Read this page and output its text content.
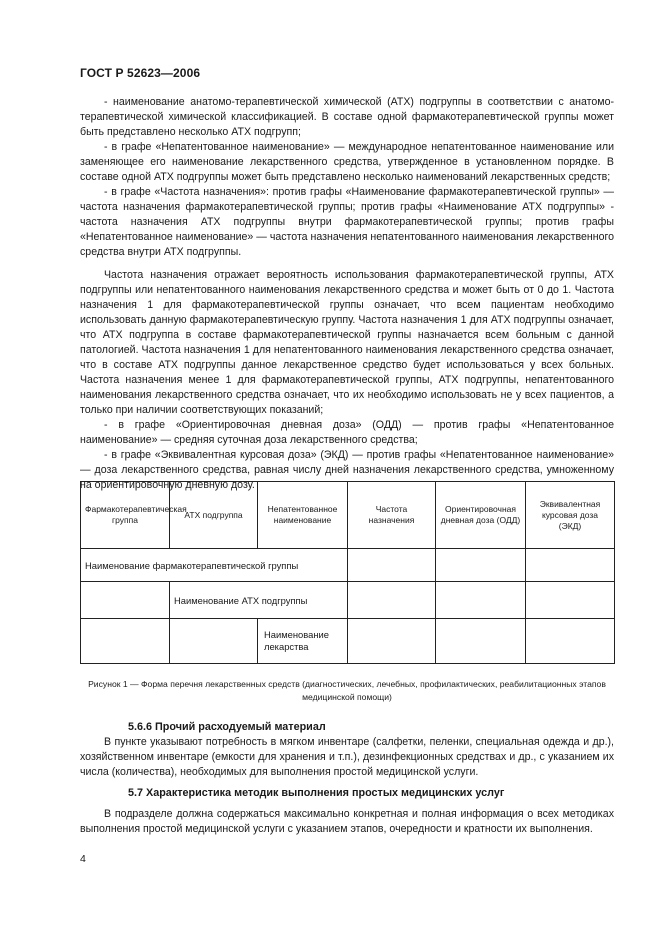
ГОСТ Р 52623—2006

- наименование анатомо-терапевтической химической (АТХ) подгруппы в соответствии с анатомо-терапевтической химической классификацией. В составе одной фармакотерапевтической группы может быть представлено несколько АТХ подгрупп;

- в графе «Непатентованное наименование» — международное непатентованное наименование или заменяющее его наименование лекарственного средства, утвержденное в установленном порядке. В составе одной АТХ подгруппы может быть представлено несколько наименований лекарственных средств;

- в графе «Частота назначения»: против графы «Наименование фармакотерапевтической группы» — частота назначения фармакотерапевтической группы; против графы «Наименование АТХ подгруппы» - частота назначения АТХ подгруппы внутри фармакотерапевтической группы; против графы «Непатентованное наименование» — частота назначения непатентованного наименования лекарственного средства внутри АТХ подгруппы.

Частота назначения отражает вероятность использования фармакотерапевтической группы, АТХ подгруппы или непатентованного наименования лекарственного средства и может быть от 0 до 1. Частота назначения 1 для фармакотерапевтической группы означает, что всем пациентам необходимо использовать данную фармакотерапевтическую группу. Частота назначения 1 для АТХ подгруппы означает, что АТХ подгруппа в составе фармакотерапевтической группы назначается всем больным с данной патологией. Частота назначения 1 для непатентованного наименования лекарственного средства означает, что в составе АТХ подгруппы данное лекарственное средство будет использоваться у всех больных. Частота назначения менее 1 для фармакотерапевтической группы, АТХ подгруппы, непатентованного наименования лекарственного средства означает, что их необходимо использовать не у всех пациентов, а только при наличии соответствующих показаний;

- в графе «Ориентировочная дневная доза» (ОДД) — против графы «Непатентованное наименование» — средняя суточная доза лекарственного средства;

- в графе «Эквивалентная курсовая доза» (ЭКД) — против графы «Непатентованное наименование» — доза лекарственного средства, равная числу дней назначения лекарственного средства, умноженному на ориентировочную дневную дозу.

Фармакотерапевтическая группа	АТХ подгруппа	Непатентованное наименование	Частота назначения	Ориентировочная дневная доза (ОДД)	Эквивалентная курсовая доза (ЭКД)
Наименование фармакотерапевтической группы					
	Наименование АТХ подгруппы				
		Наименование лекарства			
Рисунок 1 — Форма перечня лекарственных средств (диагностических, лечебных, профилактических, реабилитационных этапов медицинской помощи)

5.6.6 Прочий расходуемый материал

В пункте указывают потребность в мягком инвентаре (салфетки, пеленки, специальная одежда и др.), хозяйственном инвентаре (емкости для хранения и т.п.), дезинфекционных средствах и др., с указанием их числа (количества), необходимых для выполнения простой медицинской услуги.

5.7 Характеристика методик выполнения простых медицинских услуг

В подразделе должна содержаться максимально конкретная и полная информация о всех методиках выполнения простой медицинской услуги с указанием этапов, очередности и кратности их выполнения.

4
